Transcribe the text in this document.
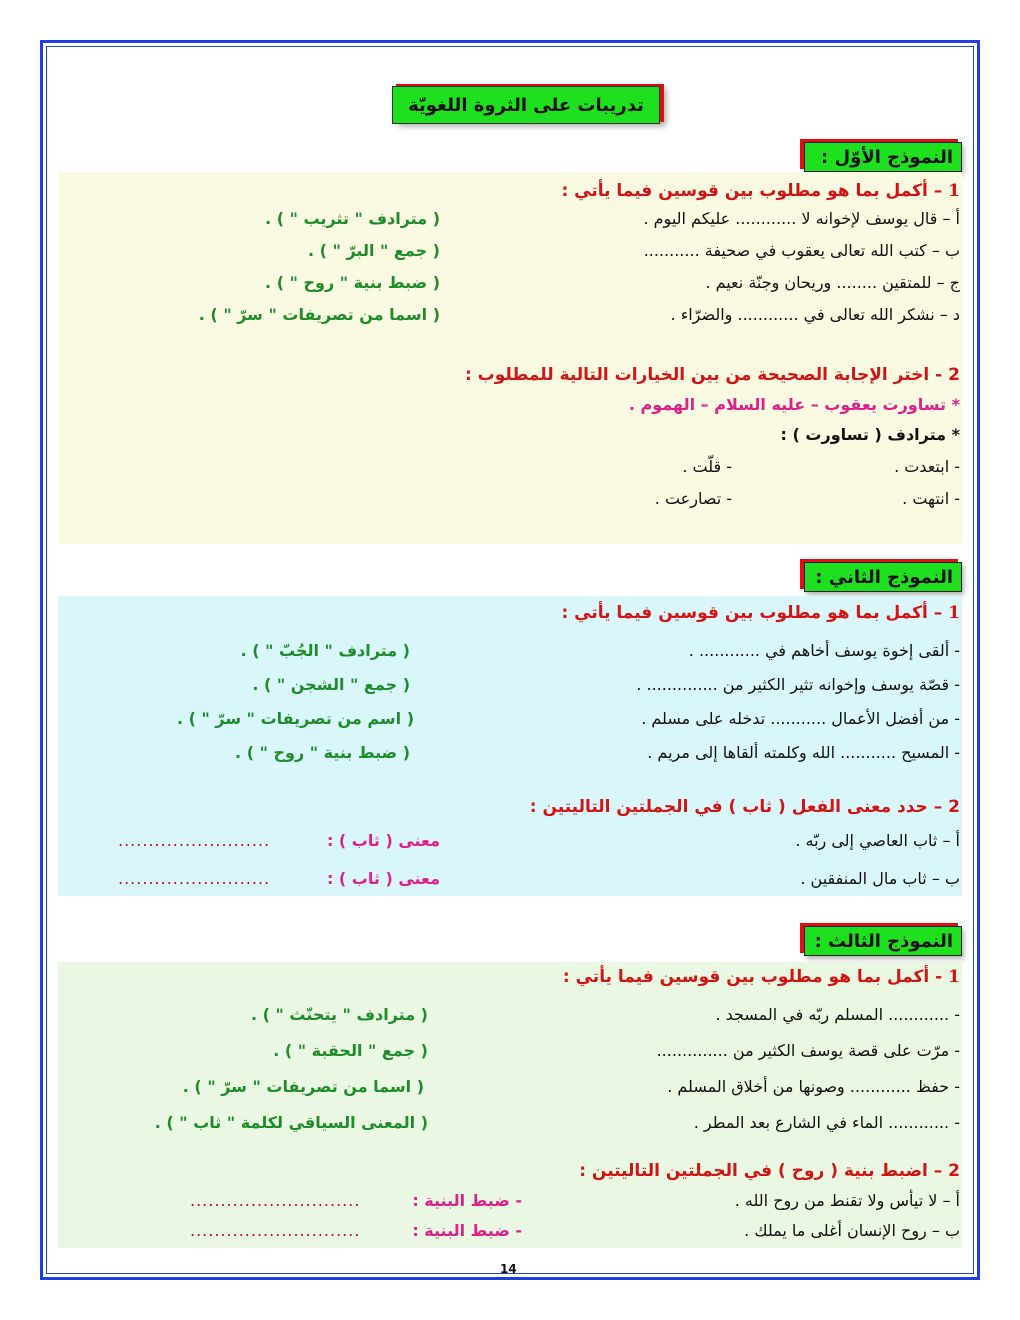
تدريبات على الثروة اللغويّة
النموذج الأوّل :
1 – أكمل بما هو مطلوب بين قوسين فيما يأتي :
أ – قال يوسف لإخوانه لا ............ عليكم اليوم .
( مترادف " تثريب " ) .
ب – كتب الله تعالى يعقوب في صحيفة ...........
( جمع " البرّ " ) .
ج – للمتقين ........ وريحان وجنّة نعيم .
( ضبط بنية " روح " ) .
د – نشكر الله تعالى في ............ والضرّاء .
( اسما من تصريفات " سرّ " ) .
2 - اختر الإجابة الصحيحة من بين الخيارات التالية للمطلوب :
* تساورت يعقوب – عليه السلام – الهموم .
* مترادف ( تساورت ) :
- ابتعدت .
- قلّت .
- انتهت .
- تصارعت .
النموذج الثاني :
1 – أكمل بما هو مطلوب بين قوسين فيما يأتي :
- ألقى إخوة يوسف أخاهم في ............ .
( مترادف " الجُبّ " ) .
- قصّة يوسف وإخوانه تثير الكثير من .............. .
( جمع " الشجن " ) .
- من أفضل الأعمال ........... تدخله على مسلم .
( اسم من تصريفات " سرّ " ) .
- المسيح ........... الله وكلمته ألقاها إلى مريم .
( ضبط بنية " روح " ) .
2 – حدد معنى الفعل ( ثاب ) في الجملتين التاليتين :
أ – ثاب العاصي إلى ربّه .
معنى ( ثاب ) :
.........................
ب – ثاب مال المنفقين .
معنى ( ثاب ) :
.........................
النموذج الثالث :
1 - أكمل بما هو مطلوب بين قوسين فيما يأتي :
- ............ المسلم ربّه في المسجد .
( مترادف " يتحنّث " ) .
- مرّت على قصة يوسف الكثير من ..............
( جمع " الحقبة " ) .
- حفظ ............ وصونها من أخلاق المسلم .
( اسما من تصريفات " سرّ " ) .
- ............ الماء في الشارع بعد المطر .
( المعنى السياقي لكلمة " ثاب " ) .
2 – اضبط بنية ( روح ) في الجملتين التاليتين :
أ – لا تيأس ولا تقنط من روح الله .
- ضبط البنية :
............................
ب – روح الإنسان أغلى ما يملك .
- ضبط البنية :
............................
14
